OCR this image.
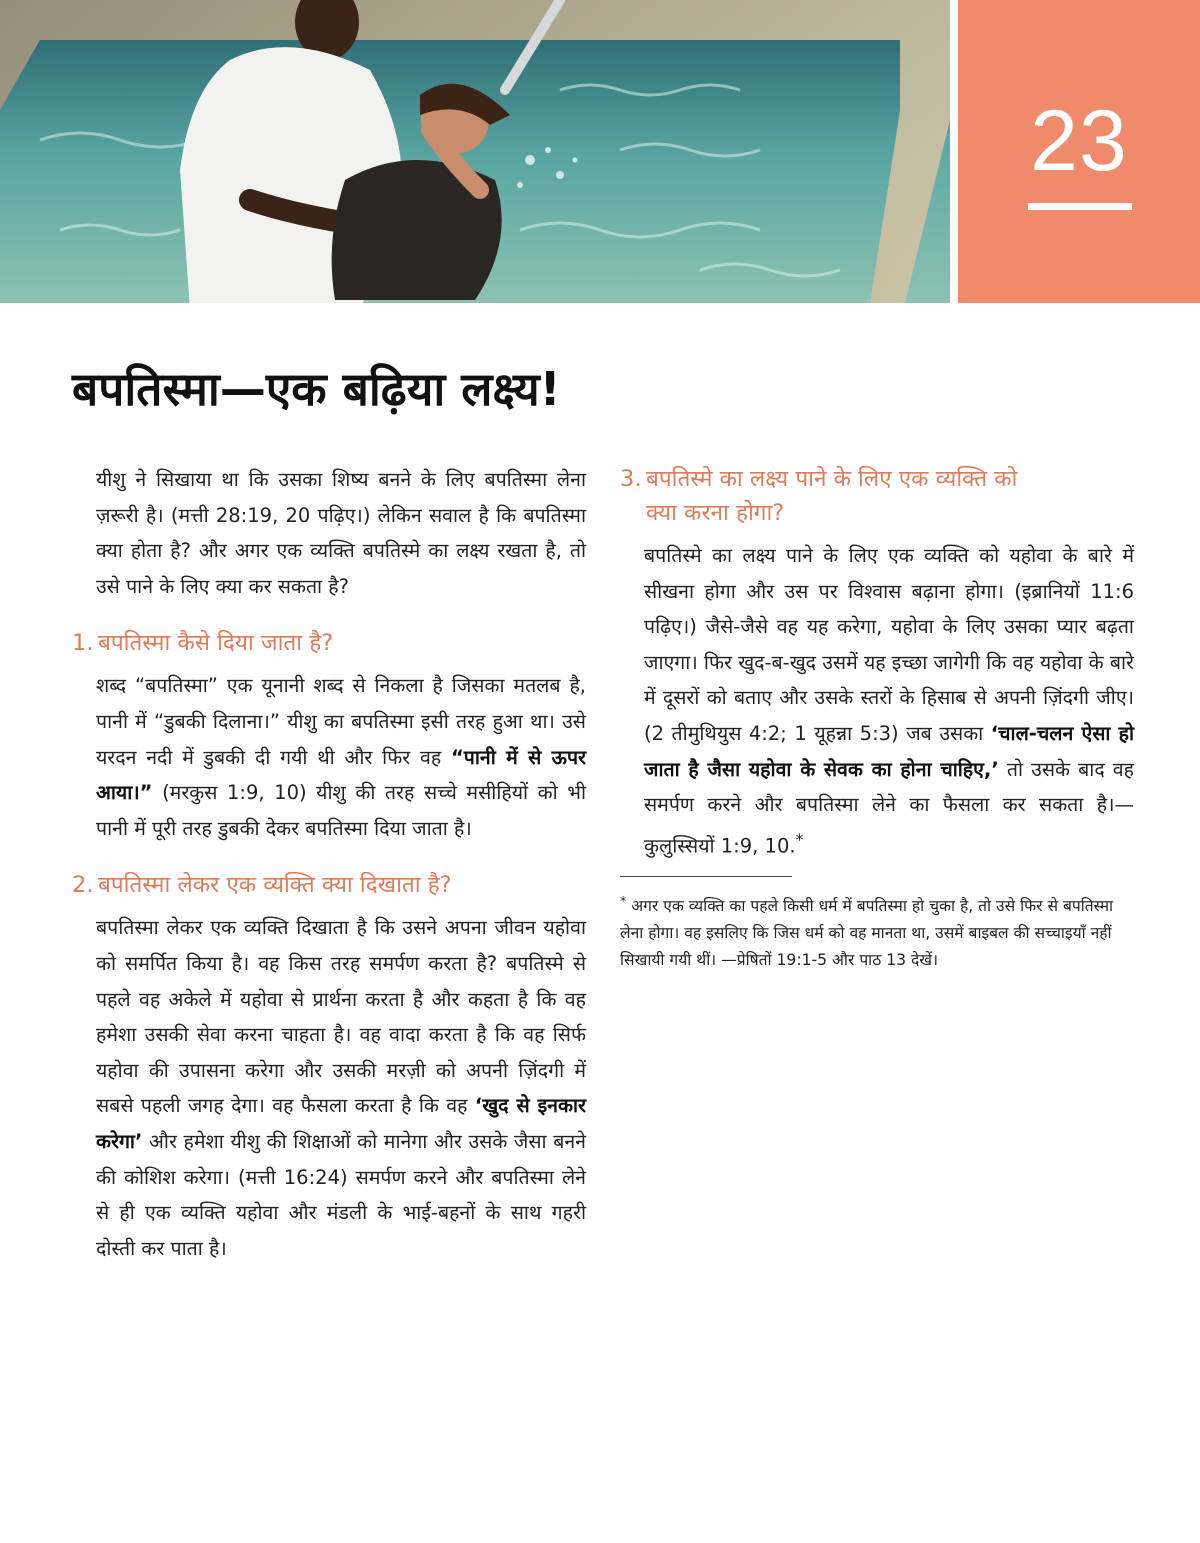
23
बपतिस्मा—एक बढ़िया लक्ष्य!

यीशु ने सिखाया था कि उसका शिष्य बनने के लिए बपतिस्मा लेना ज़रूरी है। (मत्ती 28:19, 20 पढ़िए।) लेकिन सवाल है कि बपतिस्मा क्या होता है? और अगर एक व्यक्ति बपतिस्मे का लक्ष्य रखता है, तो उसे पाने के लिए क्या कर सकता है?

1. बपतिस्मा कैसे दिया जाता है?

शब्द “बपतिस्मा” एक यूनानी शब्द से निकला है जिसका मतलब है, पानी में “डुबकी दिलाना।” यीशु का बपतिस्मा इसी तरह हुआ था। उसे यरदन नदी में डुबकी दी गयी थी और फिर वह “पानी में से ऊपर आया।” (मरकुस 1:9, 10) यीशु की तरह सच्चे मसीहियों को भी पानी में पूरी तरह डुबकी देकर बपतिस्मा दिया जाता है।

2. बपतिस्मा लेकर एक व्यक्ति क्या दिखाता है?

बपतिस्मा लेकर एक व्यक्ति दिखाता है कि उसने अपना जीवन यहोवा को समर्पित किया है। वह किस तरह समर्पण करता है? बपतिस्मे से पहले वह अकेले में यहोवा से प्रार्थना करता है और कहता है कि वह हमेशा उसकी सेवा करना चाहता है। वह वादा करता है कि वह सिर्फ यहोवा की उपासना करेगा और उसकी मरज़ी को अपनी ज़िंदगी में सबसे पहली जगह देगा। वह फैसला करता है कि वह ‘खुद से इनकार करेगा’ और हमेशा यीशु की शिक्षाओं को मानेगा और उसके जैसा बनने की कोशिश करेगा। (मत्ती 16:24) समर्पण करने और बपतिस्मा लेने से ही एक व्यक्ति यहोवा और मंडली के भाई-बहनों के साथ गहरी दोस्ती कर पाता है।

3. बपतिस्मे का लक्ष्य पाने के लिए एक व्यक्ति को
क्या करना होगा?

बपतिस्मे का लक्ष्य पाने के लिए एक व्यक्ति को यहोवा के बारे में सीखना होगा और उस पर विश्वास बढ़ाना होगा। (इब्रानियों 11:6 पढ़िए।) जैसे-जैसे वह यह करेगा, यहोवा के लिए उसका प्यार बढ़ता जाएगा। फिर खुद-ब-खुद उसमें यह इच्छा जागेगी कि वह यहोवा के बारे में दूसरों को बताए और उसके स्तरों के हिसाब से अपनी ज़िंदगी जीए। (2 तीमुथियुस 4:2; 1 यूहन्ना 5:3) जब उसका ‘चाल-चलन ऐसा हो जाता है जैसा यहोवा के सेवक का होना चाहिए,’ तो उसके बाद वह समर्पण करने और बपतिस्मा लेने का फैसला कर सकता है।—कुलुस्सियों 1:9, 10.*

* अगर एक व्यक्ति का पहले किसी धर्म में बपतिस्मा हो चुका है, तो उसे फिर से बपतिस्मा लेना होगा। वह इसलिए कि जिस धर्म को वह मानता था, उसमें बाइबल की सच्चाइयाँ नहीं सिखायी गयी थीं। —प्रेषितों 19:1-5 और पाठ 13 देखें।
